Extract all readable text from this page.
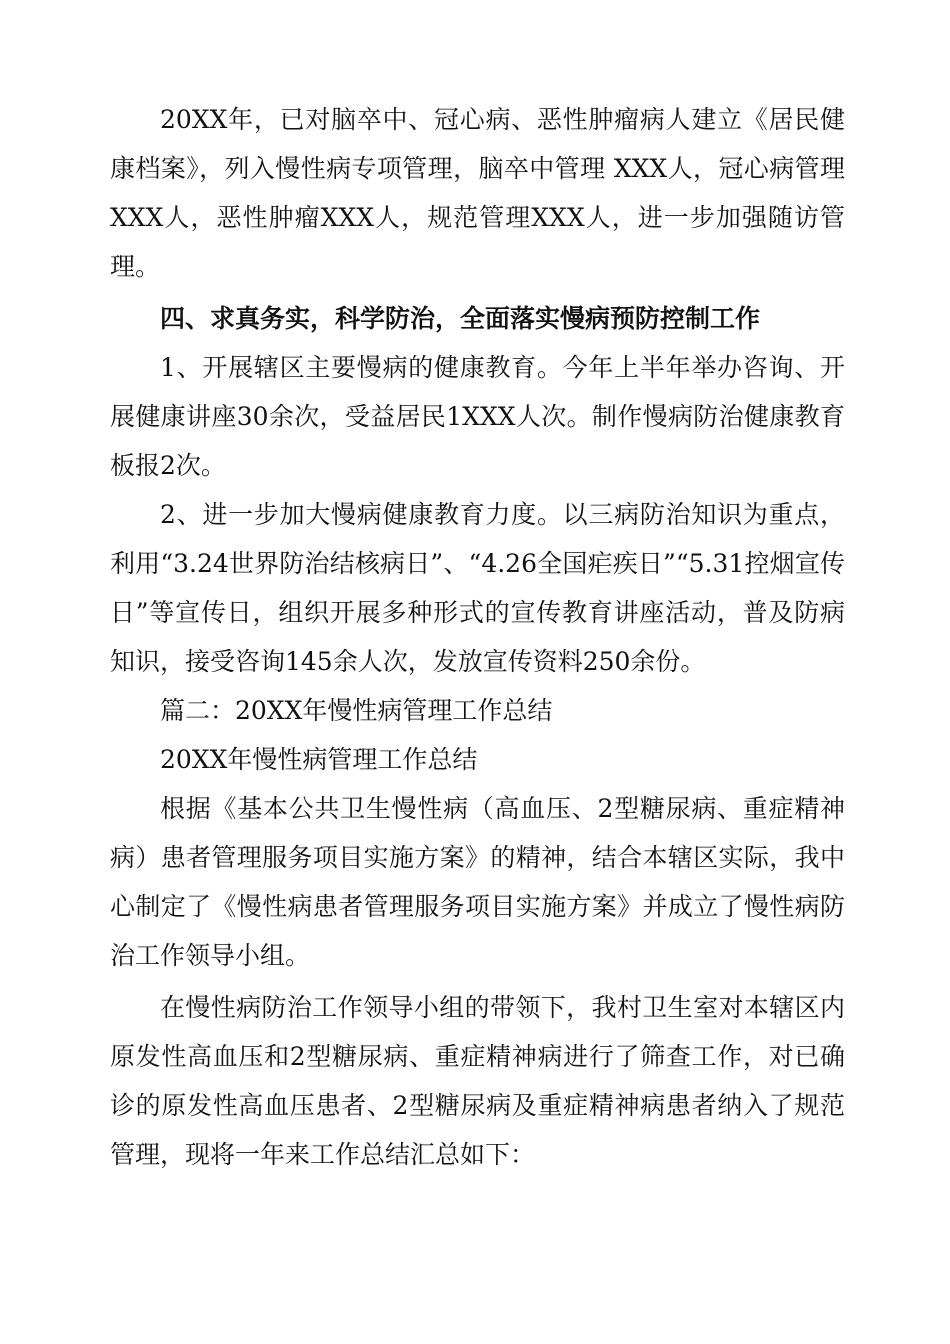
20XX年，已对脑卒中、冠心病、恶性肿瘤病人建立《居民健康档案》，列入慢性病专项管理，脑卒中管理 XXX人，冠心病管理XXX人，恶性肿瘤XXX人，规范管理XXX人，进一步加强随访管理。

四、求真务实，科学防治，全面落实慢病预防控制工作

1、开展辖区主要慢病的健康教育。今年上半年举办咨询、开展健康讲座30余次，受益居民1XXX人次。制作慢病防治健康教育板报2次。

2、进一步加大慢病健康教育力度。以三病防治知识为重点，利用“3.24世界防治结核病日”、“4.26全国疟疾日”“5.31控烟宣传日”等宣传日，组织开展多种形式的宣传教育讲座活动，普及防病知识，接受咨询145余人次，发放宣传资料250余份。

篇二：20XX年慢性病管理工作总结

20XX年慢性病管理工作总结

根据《基本公共卫生慢性病（高血压、2型糖尿病、重症精神病）患者管理服务项目实施方案》的精神，结合本辖区实际，我中心制定了《慢性病患者管理服务项目实施方案》并成立了慢性病防治工作领导小组。

在慢性病防治工作领导小组的带领下，我村卫生室对本辖区内原发性高血压和2型糖尿病、重症精神病进行了筛查工作，对已确诊的原发性高血压患者、2型糖尿病及重症精神病患者纳入了规范管理，现将一年来工作总结汇总如下：
